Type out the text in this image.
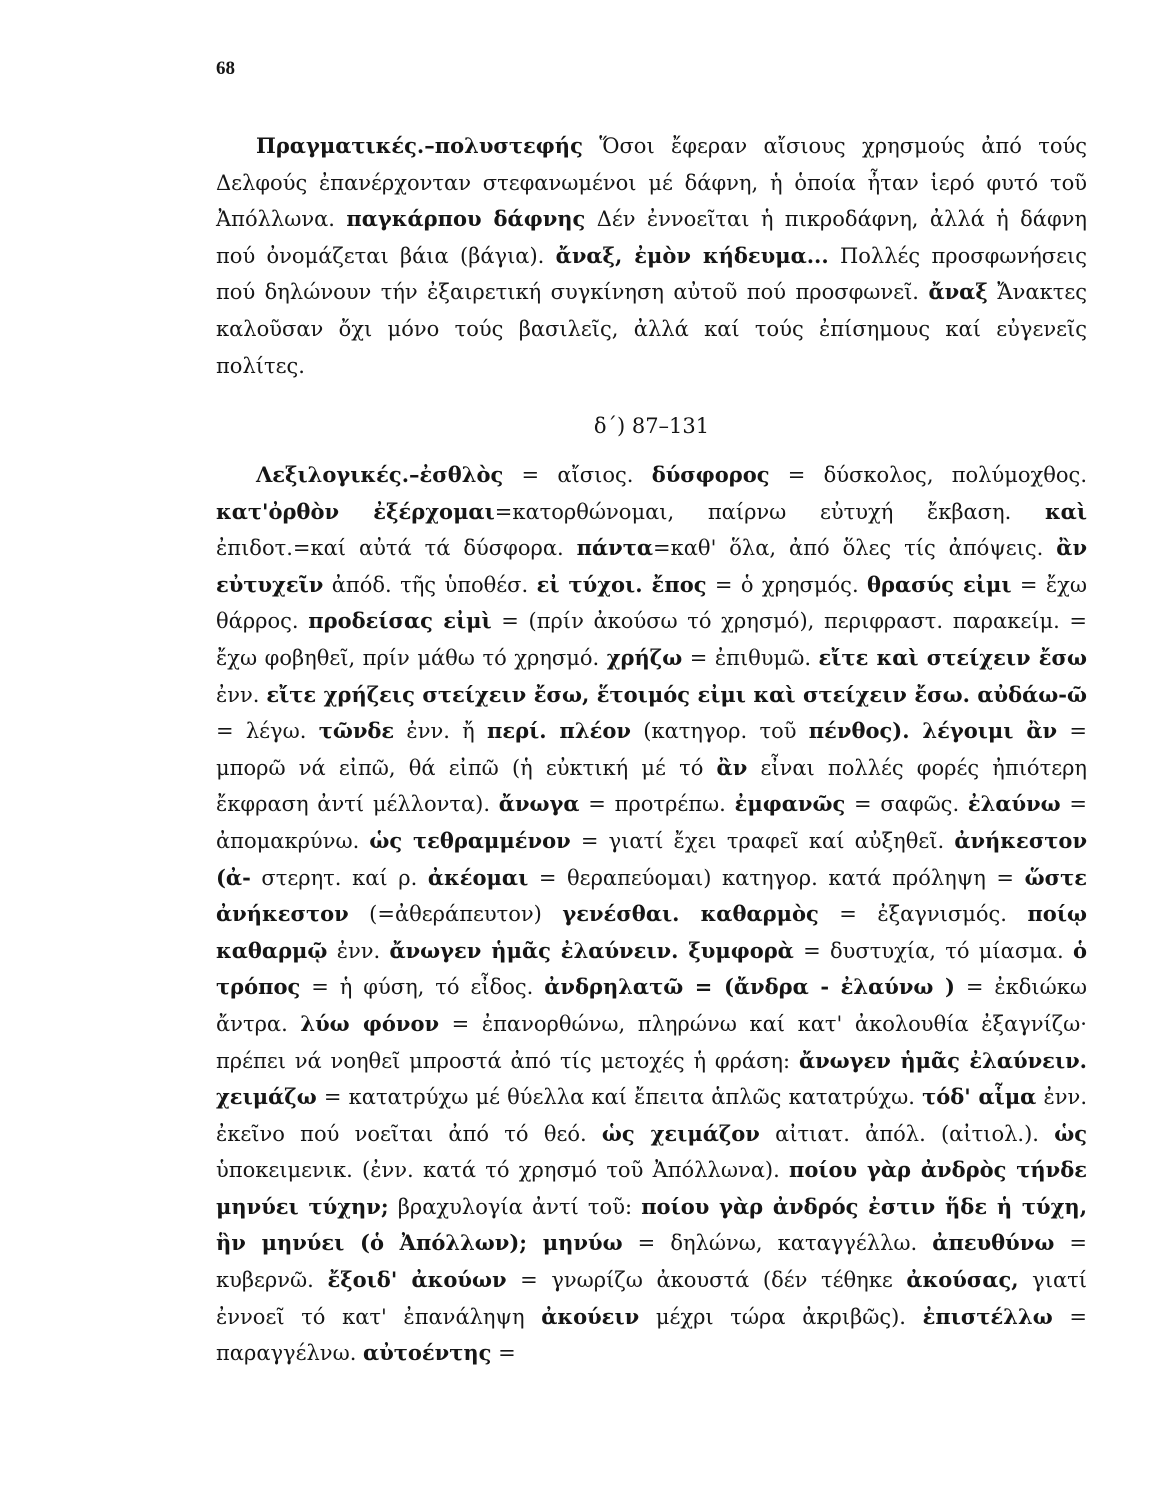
68
Πραγματικές.–πολυστεφής Ὅσοι ἔφεραν αἴσιους χρησμούς ἀπό τούς Δελφούς ἐπανέρχονταν στεφανωμένοι μέ δάφνη, ἡ ὁποία ἦταν ἱερό φυτό τοῦ Ἀπόλλωνα. παγκάρπου δάφνης Δέν ἐννοεῖται ἡ πικροδάφνη, ἀλλά ἡ δάφνη πού ὀνομάζεται βάια (βάγια). ἄναξ, ἐμὸν κήδευμα... Πολλές προσφωνήσεις πού δηλώνουν τήν ἐξαιρετική συγκίνηση αὐτοῦ πού προσφωνεῖ. ἄναξ Ἄνακτες καλοῦσαν ὄχι μόνο τούς βασιλεῖς, ἀλλά καί τούς ἐπίσημους καί εὐγενεῖς πολίτες.
δ΄) 87–131
Λεξιλογικές.–ἐσθλὸς = αἴσιος. δύσφορος = δύσκολος, πολύμοχθος. κατ'ὀρθὸν ἐξέρχομαι=κατορθώνομαι, παίρνω εὐτυχή ἔκβαση. καὶ ἐπιδοτ.=καί αὐτά τά δύσφορα. πάντα=καθ' ὅλα, ἀπό ὅλες τίς ἀπόψεις. ἂν εὐτυχεῖν ἀπόδ. τῆς ὑποθέσ. εἰ τύχοι. ἔπος = ὁ χρησμός. θρασύς εἰμι = ἔχω θάρρος. προδείσας εἰμὶ = (πρίν ἀκούσω τό χρησμό), περιφραστ. παρακείμ. = ἔχω φοβηθεῖ, πρίν μάθω τό χρησμό. χρήζω = ἐπιθυμῶ. εἴτε καὶ στείχειν ἔσω ἐνν. εἴτε χρήζεις στείχειν ἔσω, ἕτοιμός εἰμι καὶ στείχειν ἔσω. αὐδάω-ῶ = λέγω. τῶνδε ἐνν. ἤ περί. πλέον (κατηγορ. τοῦ πένθος). λέγοιμι ἂν = μπορῶ νά εἰπῶ, θά εἰπῶ (ἡ εὐκτική μέ τό ἂν εἶναι πολλές φορές ἠπιότερη ἔκφραση ἀντί μέλλοντα). ἄνωγα = προτρέπω. ἐμφανῶς = σαφῶς. ἐλαύνω = ἀπομακρύνω. ὡς τεθραμμένον = γιατί ἔχει τραφεῖ καί αὐξηθεῖ. ἀνήκεστον (ἀ- στερητ. καί ρ. ἀκέομαι = θεραπεύομαι) κατηγορ. κατά πρόληψη = ὥστε ἀνήκεστον (=ἀθεράπευτον) γενέσθαι. καθαρμὸς = ἐξαγνισμός. ποίῳ καθαρμῷ ἐνν. ἄνωγεν ἡμᾶς ἐλαύνειν. ξυμφορὰ = δυστυχία, τό μίασμα. ὁ τρόπος = ἡ φύση, τό εἶδος. ἀνδρηλατῶ = (ἄνδρα - ἐλαύνω ) = ἐκδιώκω ἄντρα. λύω φόνον = ἐπανορθώνω, πληρώνω καί κατ' ἀκολουθία ἐξαγνίζω· πρέπει νά νοηθεῖ μπροστά ἀπό τίς μετοχές ἡ φράση: ἄνωγεν ἡμᾶς ἐλαύνειν. χειμάζω = κατατρύχω μέ θύελλα καί ἔπειτα ἁπλῶς κατατρύχω. τόδ' αἷμα ἐνν. ἐκεῖνο πού νοεῖται ἀπό τό θεό. ὡς χειμάζον αἰτιατ. ἀπόλ. (αἰτιολ.). ὡς ὑποκειμενικ. (ἐνν. κατά τό χρησμό τοῦ Ἀπόλλωνα). ποίου γὰρ ἀνδρὸς τήνδε μηνύει τύχην; βραχυλογία ἀντί τοῦ: ποίου γὰρ ἀνδρός ἐστιν ἥδε ἡ τύχη, ἣν μηνύει (ὁ Ἀπόλλων); μηνύω = δηλώνω, καταγγέλλω. ἀπευθύνω = κυβερνῶ. ἔξοιδ' ἀκούων = γνωρίζω ἀκουστά (δέν τέθηκε ἀκούσας, γιατί ἐννοεῖ τό κατ' ἐπανάληψη ἀκούειν μέχρι τώρα ἀκριβῶς). ἐπιστέλλω = παραγγέλνω. αὐτοέντης =
